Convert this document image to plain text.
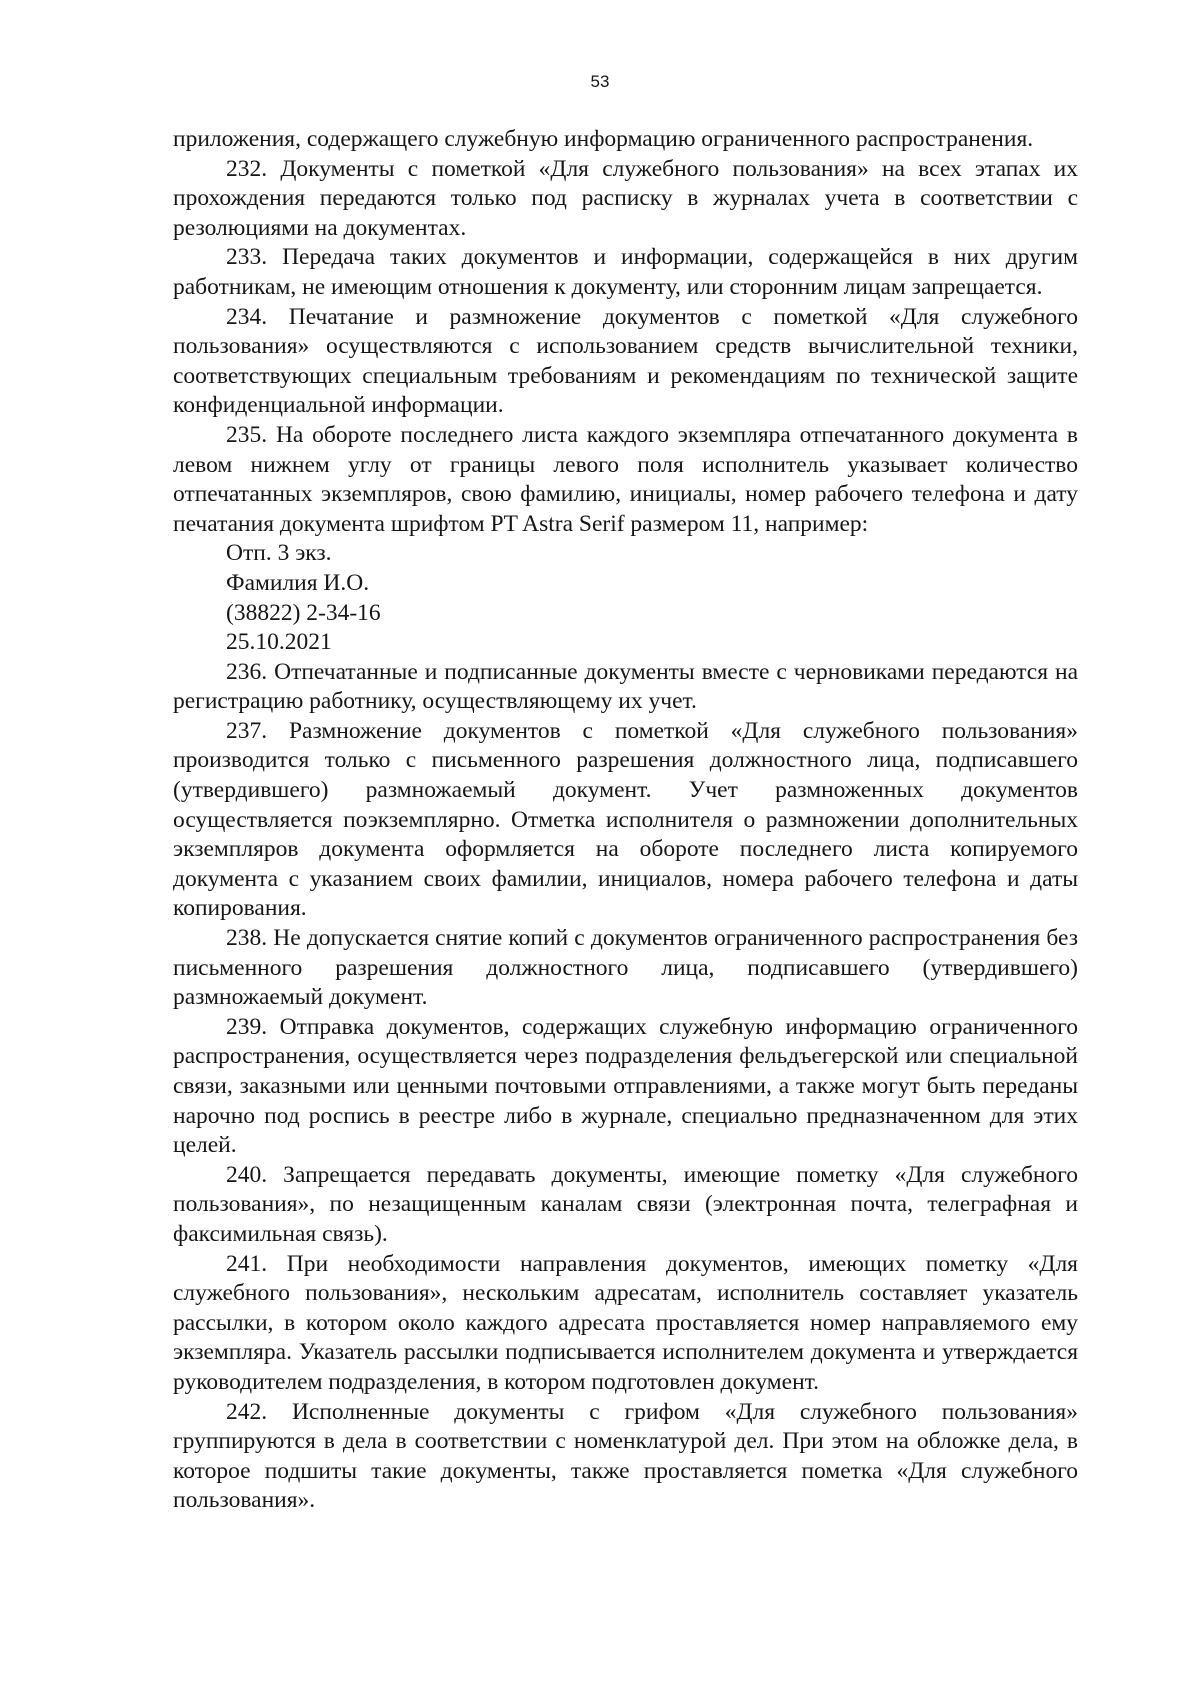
53

приложения, содержащего служебную информацию ограниченного распространения.

232. Документы с пометкой «Для служебного пользования» на всех этапах их прохождения передаются только под расписку в журналах учета в соответствии с резолюциями на документах.

233. Передача таких документов и информации, содержащейся в них другим работникам, не имеющим отношения к документу, или сторонним лицам запрещается.

234. Печатание и размножение документов с пометкой «Для служебного пользования» осуществляются с использованием средств вычислительной техники, соответствующих специальным требованиям и рекомендациям по технической защите конфиденциальной информации.

235. На обороте последнего листа каждого экземпляра отпечатанного документа в левом нижнем углу от границы левого поля исполнитель указывает количество отпечатанных экземпляров, свою фамилию, инициалы, номер рабочего телефона и дату печатания документа шрифтом PT Astra Serif размером 11, например:

Отп. 3 экз.
Фамилия И.О.
(38822) 2-34-16
25.10.2021

236. Отпечатанные и подписанные документы вместе с черновиками передаются на регистрацию работнику, осуществляющему их учет.

237. Размножение документов с пометкой «Для служебного пользования» производится только с письменного разрешения должностного лица, подписавшего (утвердившего) размножаемый документ. Учет размноженных документов осуществляется поэкземплярно. Отметка исполнителя о размножении дополнительных экземпляров документа оформляется на обороте последнего листа копируемого документа с указанием своих фамилии, инициалов, номера рабочего телефона и даты копирования.

238. Не допускается снятие копий с документов ограниченного распространения без письменного разрешения должностного лица, подписавшего (утвердившего) размножаемый документ.

239. Отправка документов, содержащих служебную информацию ограниченного распространения, осуществляется через подразделения фельдъегерской или специальной связи, заказными или ценными почтовыми отправлениями, а также могут быть переданы нарочно под роспись в реестре либо в журнале, специально предназначенном для этих целей.

240. Запрещается передавать документы, имеющие пометку «Для служебного пользования», по незащищенным каналам связи (электронная почта, телеграфная и факсимильная связь).

241. При необходимости направления документов, имеющих пометку «Для служебного пользования», нескольким адресатам, исполнитель составляет указатель рассылки, в котором около каждого адресата проставляется номер направляемого ему экземпляра. Указатель рассылки подписывается исполнителем документа и утверждается руководителем подразделения, в котором подготовлен документ.

242. Исполненные документы с грифом «Для служебного пользования» группируются в дела в соответствии с номенклатурой дел. При этом на обложке дела, в которое подшиты такие документы, также проставляется пометка «Для служебного пользования».
